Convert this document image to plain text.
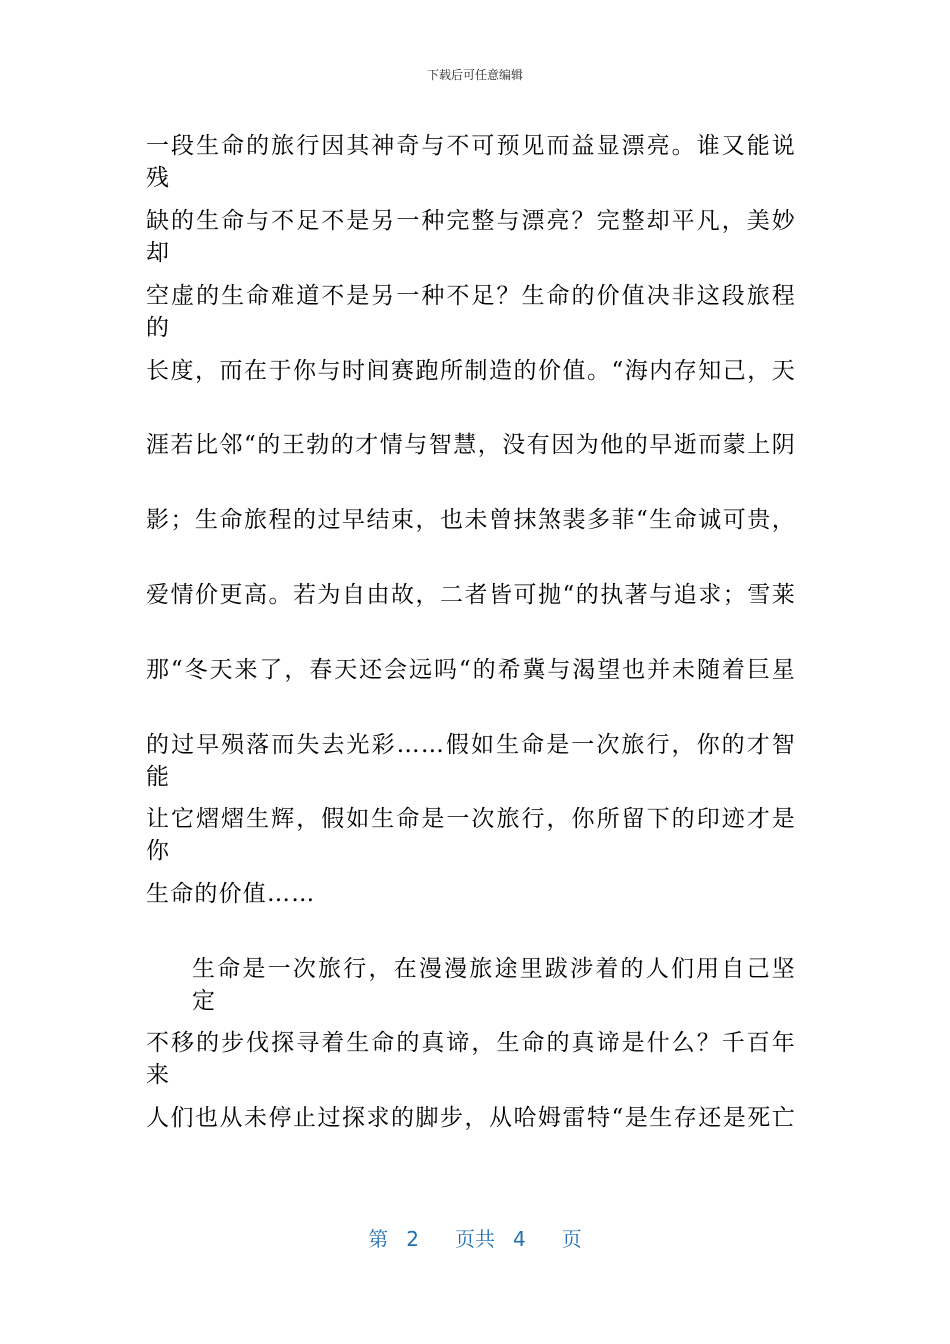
下载后可任意编辑
一段生命的旅行因其神奇与不可预见而益显漂亮。谁又能说残
缺的生命与不足不是另一种完整与漂亮？完整却平凡，美妙却
空虚的生命难道不是另一种不足？生命的价值决非这段旅程的
长度，而在于你与时间赛跑所制造的价值。“海内存知己，天
涯若比邻“的王勃的才情与智慧，没有因为他的早逝而蒙上阴
影；生命旅程的过早结束，也未曾抹煞裴多菲“生命诚可贵，
爱情价更高。若为自由故，二者皆可抛“的执著与追求；雪莱
那“冬天来了，春天还会远吗“的希冀与渴望也并未随着巨星
的过早殒落而失去光彩……假如生命是一次旅行，你的才智能
让它熠熠生辉，假如生命是一次旅行，你所留下的印迹才是你
生命的价值……
生命是一次旅行，在漫漫旅途里跋涉着的人们用自己坚定
不移的步伐探寻着生命的真谛，生命的真谛是什么？千百年来
人们也从未停止过探求的脚步，从哈姆雷特“是生存还是死亡
第 2 页共 4 页
